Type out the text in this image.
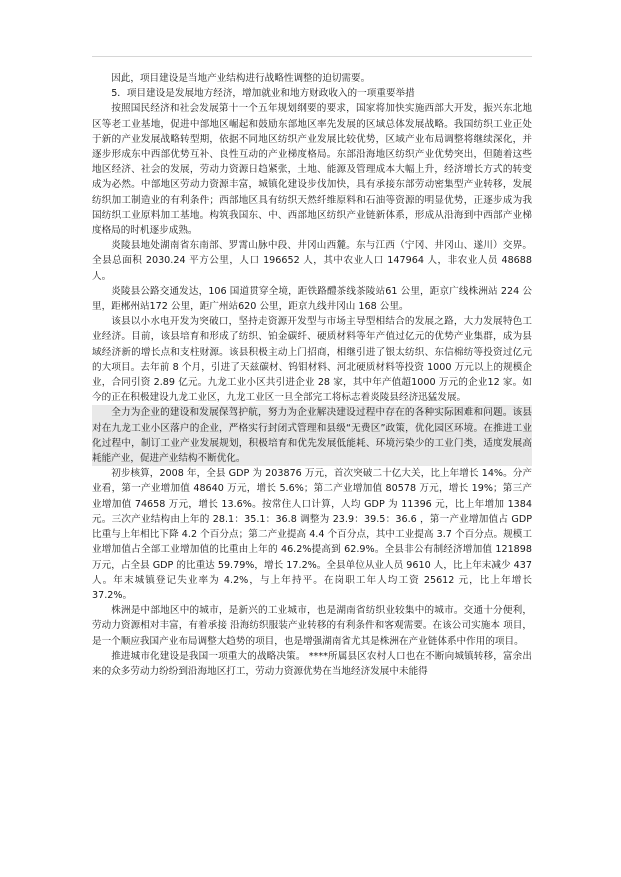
因此，项目建设是当地产业结构进行战略性调整的迫切需要。

5．项目建设是发展地方经济，增加就业和地方财政收入的一项重要举措

按照国民经济和社会发展第十一个五年规划纲要的要求，国家将加快实施西部大开发，振兴东北地区等老工业基地，促进中部地区崛起和鼓励东部地区率先发展的区域总体发展战略。我国纺织工业正处于新的产业发展战略转型期，依据不同地区纺织产业发展比较优势，区域产业布局调整将继续深化，并逐步形成东中西部优势互补、良性互动的产业梯度格局。东部沿海地区纺织产业优势突出，但随着这些地区经济、社会的发展，劳动力资源日趋紧张，土地、能源及管理成本大幅上升，经济增长方式的转变成为必然。中部地区劳动力资源丰富，城镇化建设步伐加快，具有承接东部劳动密集型产业转移，发展纺织加工制造业的有利条件；西部地区具有纺织天然纤维原料和石油等资源的明显优势，正逐步成为我国纺织工业原料加工基地。构筑我国东、中、西部地区纺织产业链新体系，形成从沿海到中西部产业梯度格局的时机逐步成熟。

炎陵县地处湖南省东南部、罗霄山脉中段、井冈山西麓。东与江西（宁冈、井冈山、遂川）交界。全县总面积 2030.24 平方公里，人口 196652 人，其中农业人口 147964 人，非农业人员 48688 人。

炎陵县公路交通发达，106 国道贯穿全境，距铁路醴茶线茶陵站61 公里，距京广线株洲站 224 公里，距郴州站172 公里，距广州站620 公里，距京九线井冈山 168 公里。

该县以小水电开发为突破口，坚持走资源开发型与市场主导型相结合的发展之路，大力发展特色工业经济。目前，该县培育和形成了纺织、铂金碳纤、硬质材料等年产值过亿元的优势产业集群，成为县域经济新的增长点和支柱财源。该县积极主动上门招商，相继引进了银太纺织、东信棉纺等投资过亿元的大项目。去年前 8 个月，引进了天兹碳材、钨钼材料、河北硬质材料等投资 1000 万元以上的规模企业，合同引资 2.89 亿元。九龙工业小区共引进企业 28 家，其中年产值超1000 万元的企业12 家。如今的正在积极建设九龙工业区，九龙工业区一旦全部完工将标志着炎陵县经济迅猛发展。

全力为企业的建设和发展保驾护航，努力为企业解决建设过程中存在的各种实际困难和问题。该县对在九龙工业小区落户的企业，严格实行封闭式管理和县级“无费区”政策，优化园区环境。在推进工业化过程中，制订工业产业发展规划，积极培育和优先发展低能耗、环境污染少的工业门类，适度发展高耗能产业，促进产业结构不断优化。

初步核算，2008 年，全县 GDP 为 203876 万元，首次突破二十亿大关，比上年增长 14%。分产业看，第一产业增加值 48640 万元，增长 5.6%；第二产业增加值 80578 万元，增长 19%；第三产业增加值 74658 万元，增长 13.6%。按常住人口计算，人均 GDP 为 11396 元，比上年增加 1384 元。三次产业结构由上年的 28.1：35.1：36.8 调整为 23.9：39.5：36.6 ，第一产业增加值占 GDP 比重与上年相比下降 4.2 个百分点；第二产业提高 4.4 个百分点，其中工业提高 3.7 个百分点。规模工业增加值占全部工业增加值的比重由上年的 46.2%提高到 62.9%。全县非公有制经济增加值 121898 万元，占全县 GDP 的比重达 59.79%，增长 17.2%。全县单位从业人员 9610 人，比上年末减少 437 人。年末城镇登记失业率为 4.2%，与上年持平。在岗职工年人均工资 25612 元，比上年增长 37.2%。

株洲是中部地区中的城市，是新兴的工业城市，也是湖南省纺织业较集中的城市。交通十分便利，劳动力资源相对丰富，有着承接 沿海纺织服装产业转移的有利条件和客观需要。在该公司实施本 项目，是一个顺应我国产业布局调整大趋势的项目，也是增强湖南省尤其是株洲在产业链体系中作用的项目。

推进城市化建设是我国一项重大的战略决策。 ****所属县区农村人口也在不断向城镇转移，富余出来的众多劳动力纷纷到沿海地区打工，劳动力资源优势在当地经济发展中未能得
